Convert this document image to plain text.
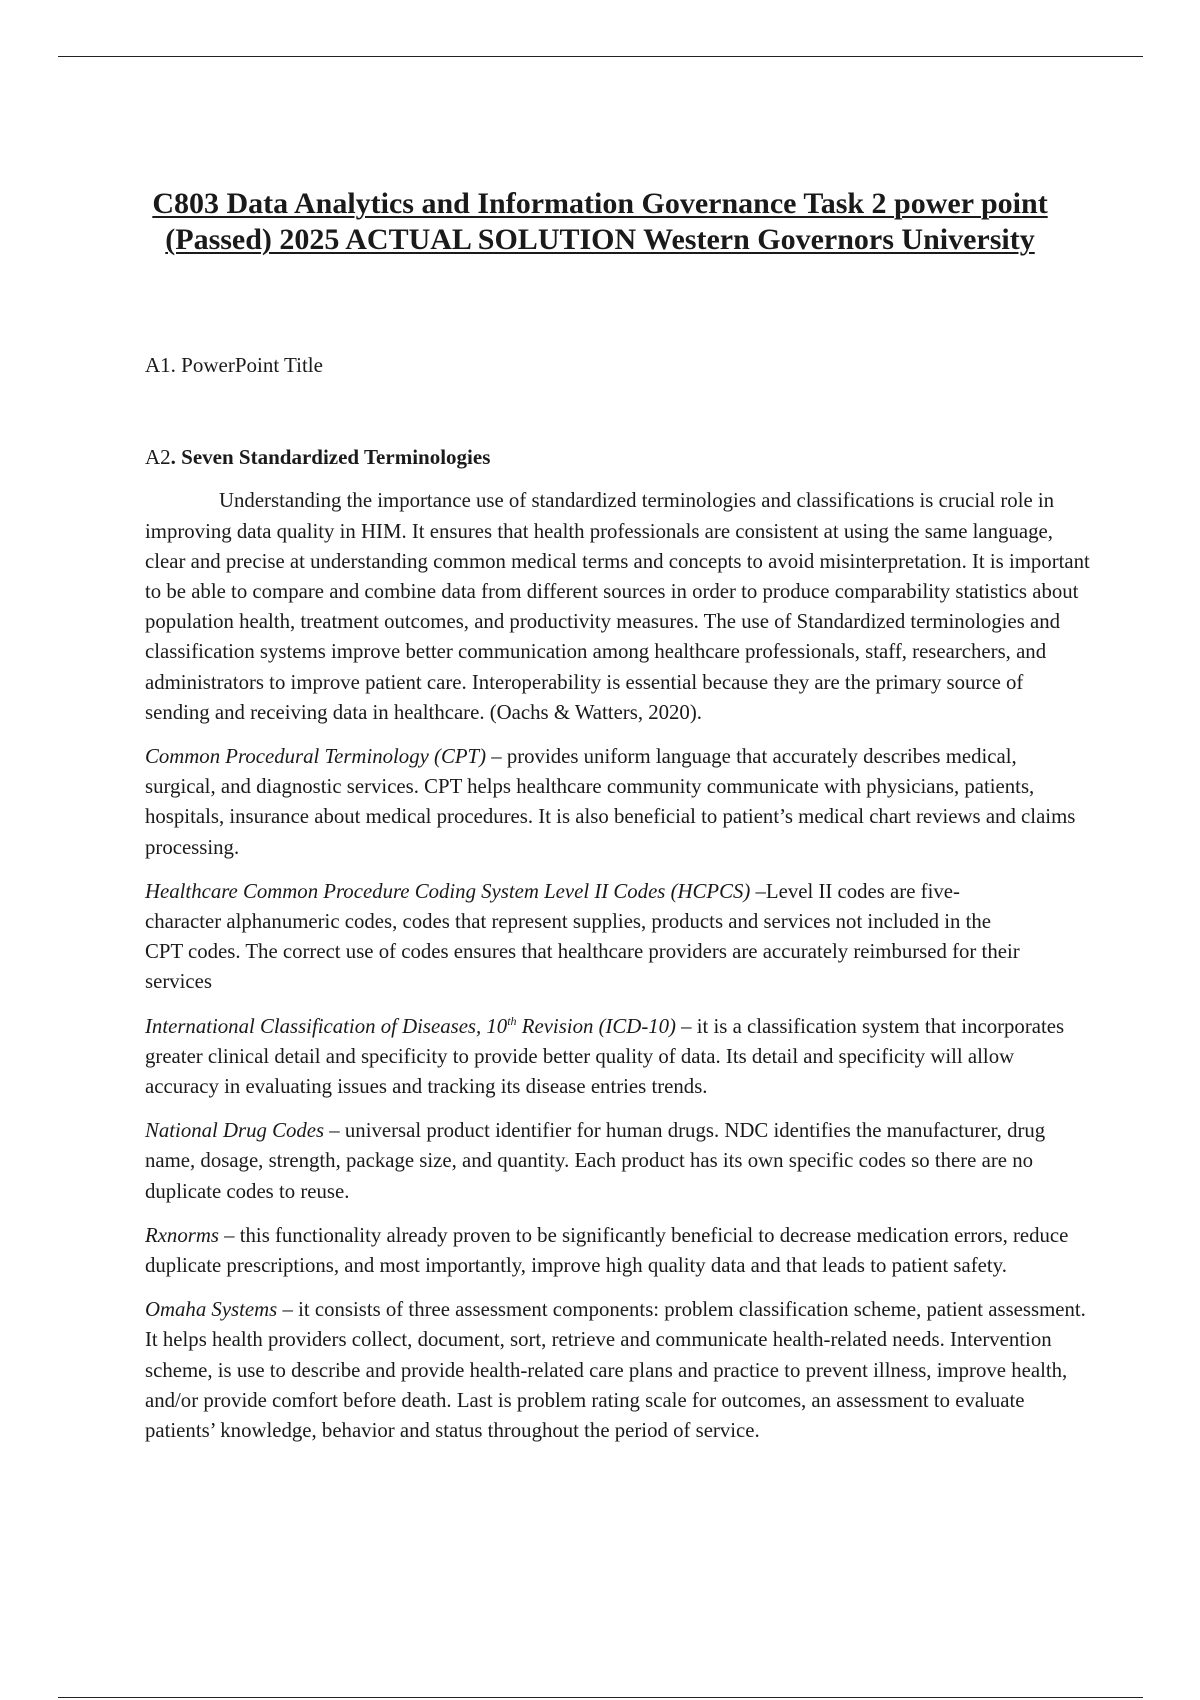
C803 Data Analytics and Information Governance Task 2 power point (Passed) 2025 ACTUAL SOLUTION Western Governors University

A1. PowerPoint Title

A2. Seven Standardized Terminologies

Understanding the importance use of standardized terminologies and classifications is crucial role in improving data quality in HIM. It ensures that health professionals are consistent at using the same language, clear and precise at understanding common medical terms and concepts to avoid misinterpretation. It is important to be able to compare and combine data from different sources in order to produce comparability statistics about population health, treatment outcomes, and productivity measures. The use of Standardized terminologies and classification systems improve better communication among healthcare professionals, staff, researchers, and administrators to improve patient care. Interoperability is essential because they are the primary source of sending and receiving data in healthcare. (Oachs & Watters, 2020).

Common Procedural Terminology (CPT) – provides uniform language that accurately describes medical, surgical, and diagnostic services. CPT helps healthcare community communicate with physicians, patients, hospitals, insurance about medical procedures. It is also beneficial to patient’s medical chart reviews and claims processing.

Healthcare Common Procedure Coding System Level II Codes (HCPCS) –Level II codes are five-character alphanumeric codes, codes that represent supplies, products and services not included in the CPT codes. The correct use of codes ensures that healthcare providers are accurately reimbursed for their services

International Classification of Diseases, 10th Revision (ICD-10) – it is a classification system that incorporates greater clinical detail and specificity to provide better quality of data. Its detail and specificity will allow accuracy in evaluating issues and tracking its disease entries trends.

National Drug Codes – universal product identifier for human drugs. NDC identifies the manufacturer, drug name, dosage, strength, package size, and quantity. Each product has its own specific codes so there are no duplicate codes to reuse.

Rxnorms – this functionality already proven to be significantly beneficial to decrease medication errors, reduce duplicate prescriptions, and most importantly, improve high quality data and that leads to patient safety.

Omaha Systems – it consists of three assessment components: problem classification scheme, patient assessment. It helps health providers collect, document, sort, retrieve and communicate health-related needs. Intervention scheme, is use to describe and provide health-related care plans and practice to prevent illness, improve health, and/or provide comfort before death. Last is problem rating scale for outcomes, an assessment to evaluate patients’ knowledge, behavior and status throughout the period of service.
